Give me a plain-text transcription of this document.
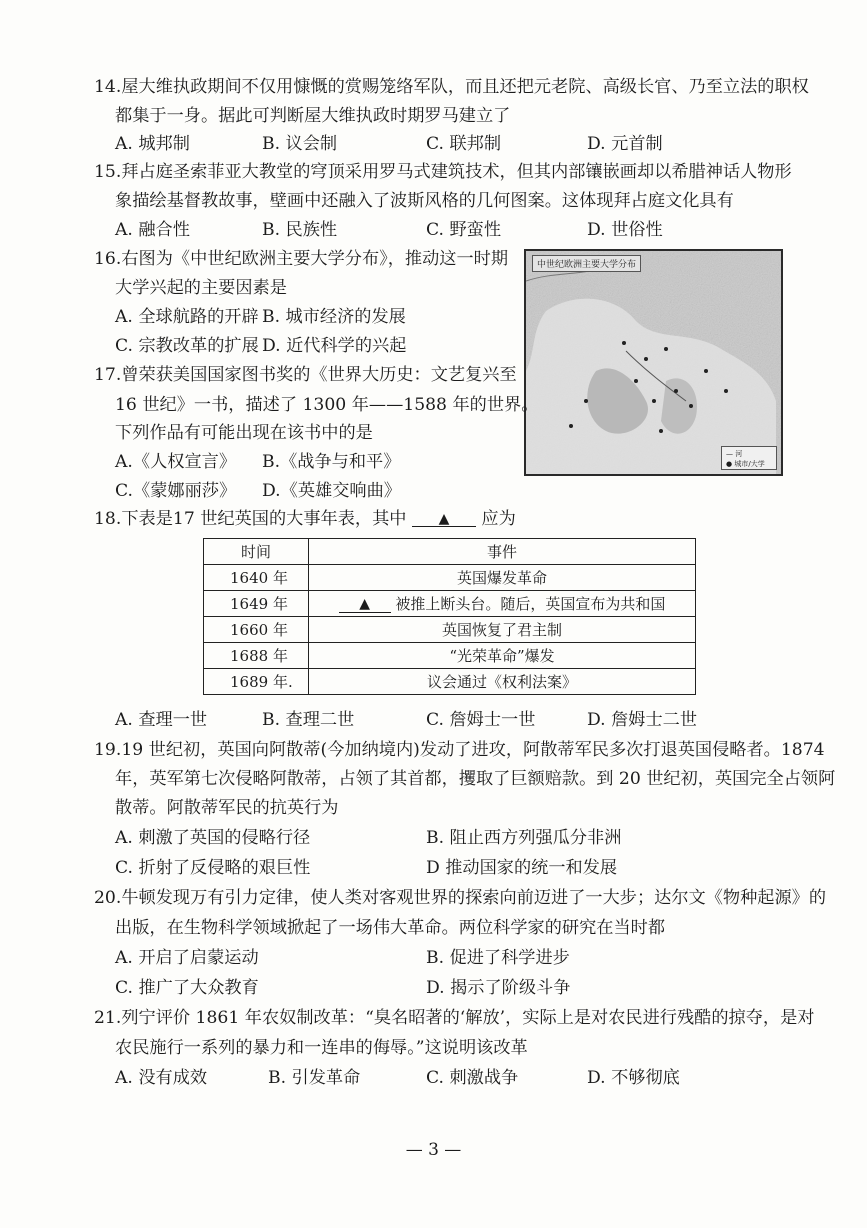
14.屋大维执政期间不仅用慷慨的赏赐笼络军队，而且还把元老院、高级长官、乃至立法的职权
都集于一身。据此可判断屋大维执政时期罗马建立了
A. 城邦制	B. 议会制	C. 联邦制	D. 元首制
15.拜占庭圣索菲亚大教堂的穹顶采用罗马式建筑技术，但其内部镶嵌画却以希腊神话人物形
象描绘基督教故事，壁画中还融入了波斯风格的几何图案。这体现拜占庭文化具有
A. 融合性	B. 民族性	C. 野蛮性	D. 世俗性
16.右图为《中世纪欧洲主要大学分布》，推动这一时期
大学兴起的主要因素是
A. 全球航路的开辟 B. 城市经济的发展
C. 宗教改革的扩展 D. 近代科学的兴起
中世纪欧洲主要大学分布
— 河
● 城市/大学
17.曾荣获美国国家图书奖的《世界大历史：文艺复兴至
16 世纪》一书，描述了 1300 年——1588 年的世界。
下列作品有可能出现在该书中的是
A.《人权宣言》 B.《战争与和平》
C.《蒙娜丽莎》 D.《英雄交响曲》
18.下表是17 世纪英国的大事年表，其中 ▲ 应为
时间	事件
1640 年	英国爆发革命
1649 年	▲ 被推上断头台。随后，英国宣布为共和国
1660 年	英国恢复了君主制
1688 年	“光荣革命”爆发
1689 年.	议会通过《权利法案》
A. 查理一世	B. 查理二世	C. 詹姆士一世	D. 詹姆士二世
19.19 世纪初，英国向阿散蒂(今加纳境内)发动了进攻，阿散蒂军民多次打退英国侵略者。1874
年，英军第七次侵略阿散蒂，占领了其首都，攫取了巨额赔款。到 20 世纪初，英国完全占领阿
散蒂。阿散蒂军民的抗英行为
A. 刺激了英国的侵略行径	B. 阻止西方列强瓜分非洲
C. 折射了反侵略的艰巨性	D 推动国家的统一和发展
20.牛顿发现万有引力定律，使人类对客观世界的探索向前迈进了一大步；达尔文《物种起源》的
出版，在生物科学领域掀起了一场伟大革命。两位科学家的研究在当时都
A. 开启了启蒙运动	B. 促进了科学进步
C. 推广了大众教育	D. 揭示了阶级斗争
21.列宁评价 1861 年农奴制改革：“臭名昭著的‘解放’，实际上是对农民进行残酷的掠夺，是对
农民施行一系列的暴力和一连串的侮辱。”这说明该改革
A. 没有成效	B. 引发革命	C. 刺激战争	D. 不够彻底
— 3 —
